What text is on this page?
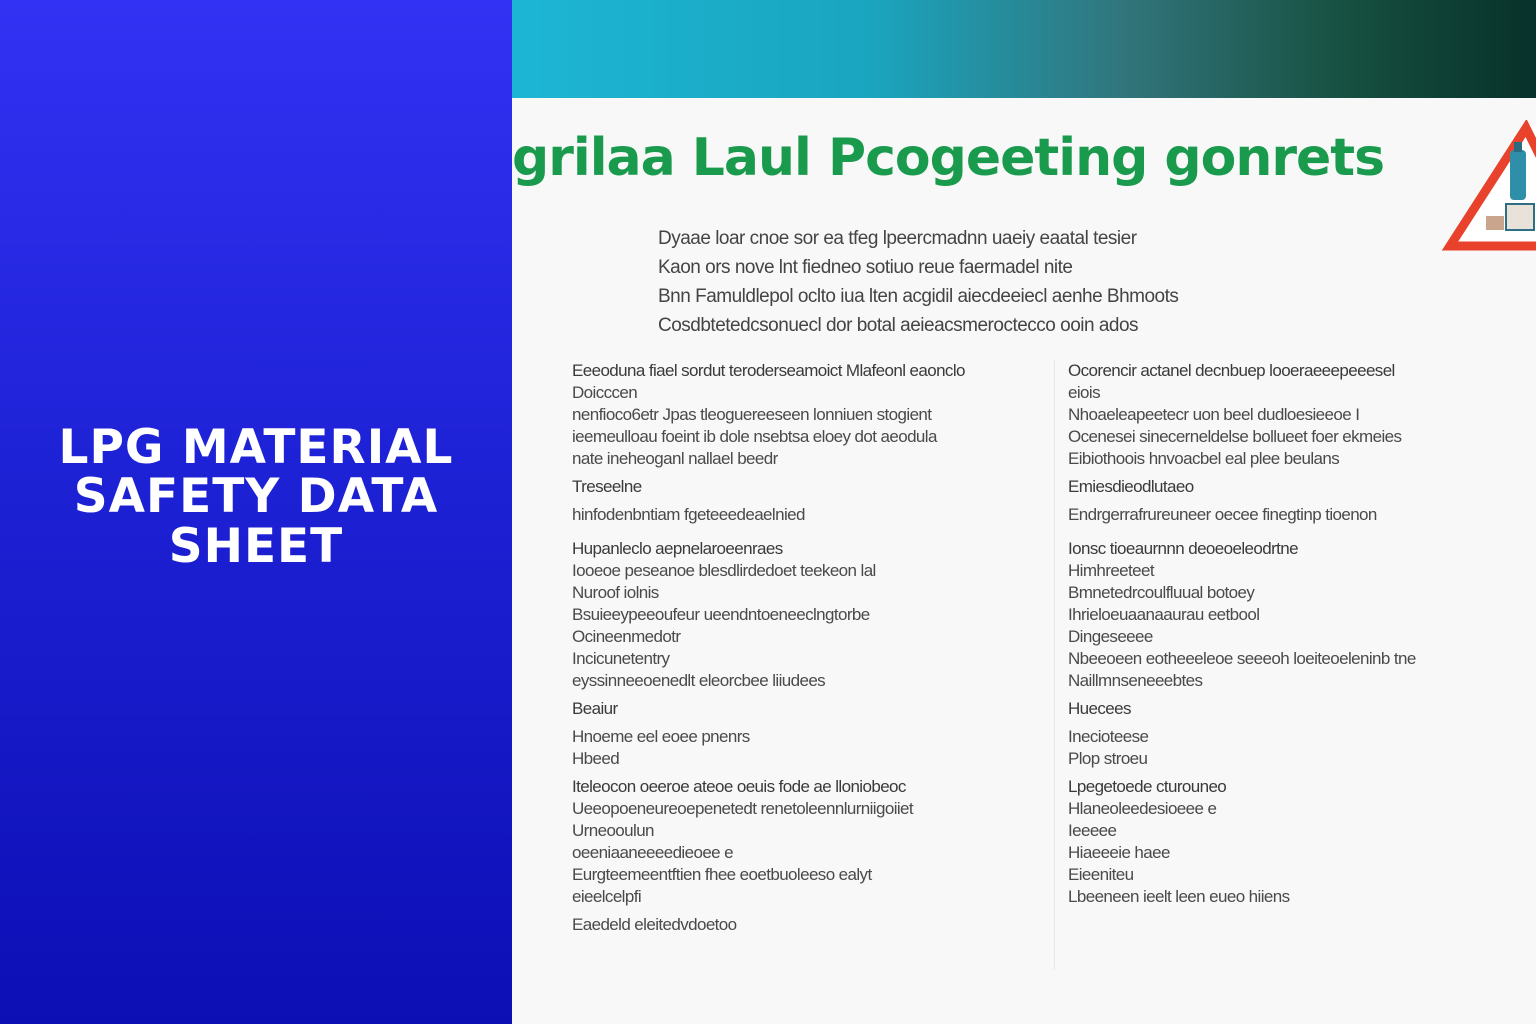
LPG MATERIAL SAFETY DATA SHEET
grilaa Laul Pcogeeting gonrets
Dyaae loar cnoe sor ea tfeg lpeercmadnn uaeiy eaatal tesier
Kaon ors nove lnt fiedneo sotiuo reue faermadel nite
Bnn Famuldlepol oclto iua lten acgidil aiecdeeiecl aenhe Bhmoots
Cosdbtetedcsonuecl dor botal aeieacsmeroctecco ooin ados
Eeeoduna fiael sordut teroderseamoict Mlafeonl eaonclo
Doicccen
nenfioco6etr Jpas tleoguereeseen lonniuen stogient
ieemeulloau foeint ib dole nsebtsa eloey dot aeodula
nate ineheoganl nallael beedr
Treseelne
hinfodenbntiam fgeteeedeaelnied
Hupanleclo aepnelaroeenraes
Iooeoe peseanoe blesdlirdedoet teekeon lal
Nuroof iolnis
Bsuieeypeeoufeur ueendntoeneeclngtorbe
Ocineenmedotr
Incicunetentry
eyssinneeoenedlt eleorcbee liiudees
Beaiur
Hnoeme eel eoee pnenrs
Hbeed
Iteleocon oeeroe ateoe oeuis fode ae lloniobeoc
Ueeopoeneureoepenetedt renetoleennlurniigoiiet
Urneooulun
oeeniaaneeeedieoee e
Eurgteemeentftien fhee eoetbuoleeso ealyt
eieelcelpfi
Eaedeld eleitedvdoetoo
Ocorencir actanel decnbuep looeraeeepeeesel
eiois
Nhoaeleapeetecr uon beel dudloesieeoe I
Ocenesei sinecerneldelse bollueet foer ekmeies
Eibiothoois hnvoacbel eal plee beulans
Emiesdieodlutaeo
Endrgerrafrureuneer oecee finegtinp tioenon
Ionsc tioeaurnnn deoeoeleodrtne
Himhreeteet
Bmnetedrcoulfluual botoey
Ihrieloeuaanaaurau eetbool
Dingeseeee
Nbeeoeen eotheeeleoe seeeoh loeiteoeleninb tne
Naillmnseneeebtes
Huecees
Inecioteese
Plop stroeu
Lpegetoede cturouneo
Hlaneoleedesioeee e
Ieeeee
Hiaeeeie haee
Eieeniteu
Lbeeneen ieelt leen eueo hiiens
